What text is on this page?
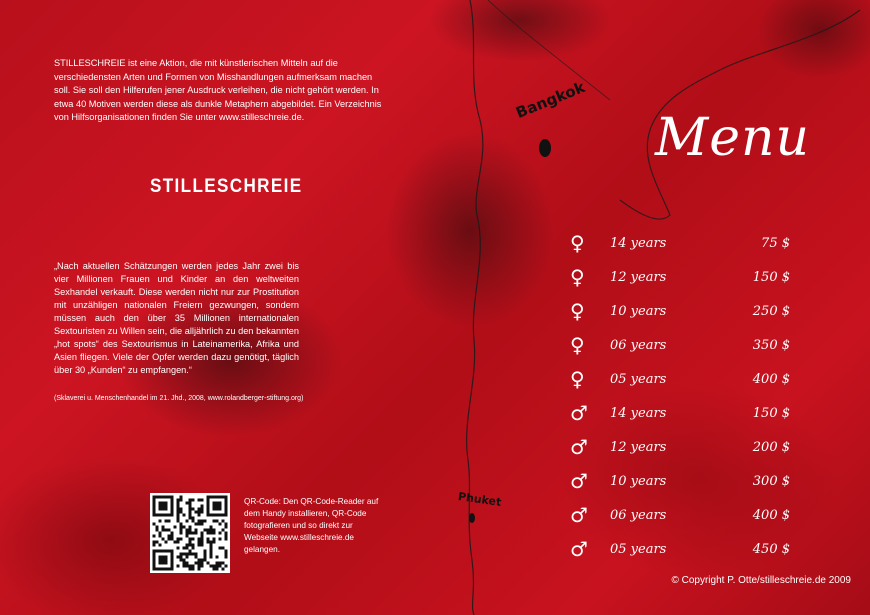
STILLESCHREIE ist eine Aktion, die mit künstlerischen Mitteln auf die verschiedensten Arten und Formen von Misshandlungen aufmerksam machen soll. Sie soll den Hilferufen jener Ausdruck verleihen, die nicht gehört werden. In etwa 40 Motiven werden diese als dunkle Metaphern abgebildet. Ein Verzeichnis von Hilfsorganisationen finden Sie unter www.stilleschreie.de.
STILLESCHREIE
„Nach aktuellen Schätzungen werden jedes Jahr zwei bis vier Millionen Frauen und Kinder an den weltweiten Sexhandel verkauft. Diese werden nicht nur zur Prostitution mit unzähligen nationalen Freiern gezwungen, sondern müssen auch den über 35 Millionen internationalen Sextouristen zu Willen sein, die alljährlich zu den bekannten „hot spots“ des Sextourismus in Lateinamerika, Afrika und Asien fliegen. Viele der Opfer werden dazu genötigt, täglich über 30 „Kunden“ zu empfangen.“
(Sklaverei u. Menschenhandel im 21. Jhd., 2008, www.rolandberger-stiftung.org)
QR-Code: Den QR-Code-Reader auf dem Handy installieren, QR-Code fotografieren und so direkt zur Webseite www.stilleschreie.de gelangen.
Bangkok
Phuket
Menu
♀ 14 years	75 $
♀ 12 years	150 $
♀ 10 years	250 $
♀ 06 years	350 $
♀ 05 years	400 $
♂ 14 years	150 $
♂ 12 years	200 $
♂ 10 years	300 $
♂ 06 years	400 $
♂ 05 years	450 $
© Copyright P. Otte/stilleschreie.de 2009
